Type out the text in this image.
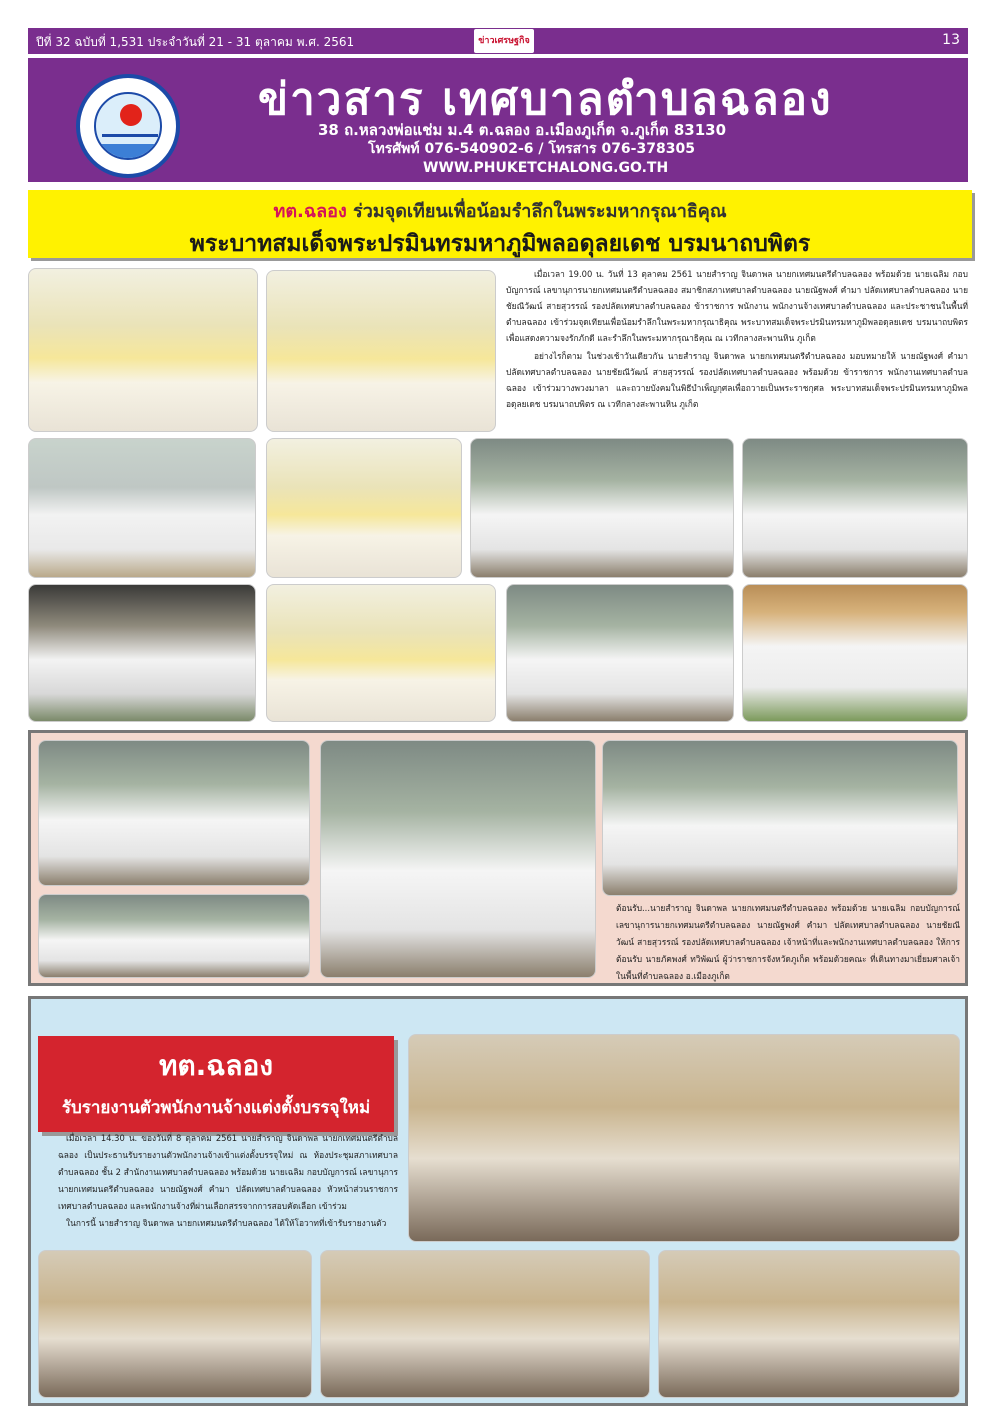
ปีที่ 32 ฉบับที่ 1,531 ประจำวันที่ 21 - 31 ตุลาคม พ.ศ. 2561	ข่าวเศรษฐกิจ	13
ข่าวสาร เทศบาลตำบลฉลอง
38 ถ.หลวงพ่อแช่ม ม.4 ต.ฉลอง อ.เมืองภูเก็ต จ.ภูเก็ต 83130
โทรศัพท์ 076-540902-6 / โทรสาร 076-378305
WWW.PHUKETCHALONG.GO.TH
ทต.ฉลอง ร่วมจุดเทียนเพื่อน้อมรำลึกในพระมหากรุณาธิคุณ
พระบาทสมเด็จพระปรมินทรมหาภูมิพลอดุลยเดช บรมนาถบพิตร

เมื่อเวลา 19.00 น. วันที่ 13 ตุลาคม 2561 นายสำราญ จินดาพล นายกเทศมนตรีตำบลฉลอง พร้อมด้วย นายเฉลิม กอบบัญการณ์ เลขานุการนายกเทศมนตรีตำบลฉลอง สมาชิกสภาเทศบาลตำบลฉลอง นายณัฐพงศ์ คำมา ปลัดเทศบาลตำบลฉลอง นายชัยณีวัฒน์ สายสุวรรณ์ รองปลัดเทศบาลตำบลฉลอง ข้าราชการ พนักงาน พนักงานจ้างเทศบาลตำบลฉลอง และประชาชนในพื้นที่ตำบลฉลอง เข้าร่วมจุดเทียนเพื่อน้อมรำลึกในพระมหากรุณาธิคุณ พระบาทสมเด็จพระปรมินทรมหาภูมิพลอดุลยเดช บรมนาถบพิตร เพื่อแสดงความจงรักภักดี และรำลึกในพระมหากรุณาธิคุณ ณ เวทีกลางสะพานหิน ภูเก็ต

อย่างไรก็ตาม ในช่วงเช้าวันเดียวกัน นายสำราญ จินดาพล นายกเทศมนตรีตำบลฉลอง มอบหมายให้ นายณัฐพงศ์ คำมา ปลัดเทศบาลตำบลฉลอง นายชัยณีวัฒน์ สายสุวรรณ์ รองปลัดเทศบาลตำบลฉลอง พร้อมด้วย ข้าราชการ พนักงานเทศบาลตำบลฉลอง เข้าร่วมวางพวงมาลา และถวายบังคมในพิธีบำเพ็ญกุศลเพื่อถวายเป็นพระราชกุศล พระบาทสมเด็จพระปรมินทรมหาภูมิพลอดุลยเดช บรมนาถบพิตร ณ เวทีกลางสะพานหิน ภูเก็ต

ต้อนรับ...นายสำราญ จินดาพล นายกเทศมนตรีตำบลฉลอง พร้อมด้วย นายเฉลิม กอบบัญการณ์ เลขานุการนายกเทศมนตรีตำบลฉลอง นายณัฐพงศ์ คำมา ปลัดเทศบาลตำบลฉลอง นายชัยณีวัฒน์ สายสุวรรณ์ รองปลัดเทศบาลตำบลฉลอง เจ้าหน้าที่และพนักงานเทศบาลตำบลฉลอง ให้การต้อนรับ นายภัคพงศ์ ทวิพัฒน์ ผู้ว่าราชการจังหวัดภูเก็ต พร้อมด้วยคณะ ที่เดินทางมาเยี่ยมศาลเจ้าในพื้นที่ตำบลฉลอง อ.เมืองภูเก็ต
ทต.ฉลอง
รับรายงานตัวพนักงานจ้างแต่งตั้งบรรจุใหม่

เมื่อเวลา 14.30 น. ของวันที่ 8 ตุลาคม 2561 นายสำราญ จินดาพล นายกเทศมนตรีตำบลฉลอง เป็นประธานรับรายงานตัวพนักงานจ้างเข้าแต่งตั้งบรรจุใหม่ ณ ห้องประชุมสภาเทศบาลตำบลฉลอง ชั้น 2 สำนักงานเทศบาลตำบลฉลอง พร้อมด้วย นายเฉลิม กอบบัญการณ์ เลขานุการนายกเทศมนตรีตำบลฉลอง นายณัฐพงศ์ คำมา ปลัดเทศบาลตำบลฉลอง หัวหน้าส่วนราชการเทศบาลตำบลฉลอง และพนักงานจ้างที่ผ่านเลือกสรรจากการสอบคัดเลือก เข้าร่วม

ในการนี้ นายสำราญ จินดาพล นายกเทศมนตรีตำบลฉลอง ได้ให้โอวาทที่เข้ารับรายงานตัว
